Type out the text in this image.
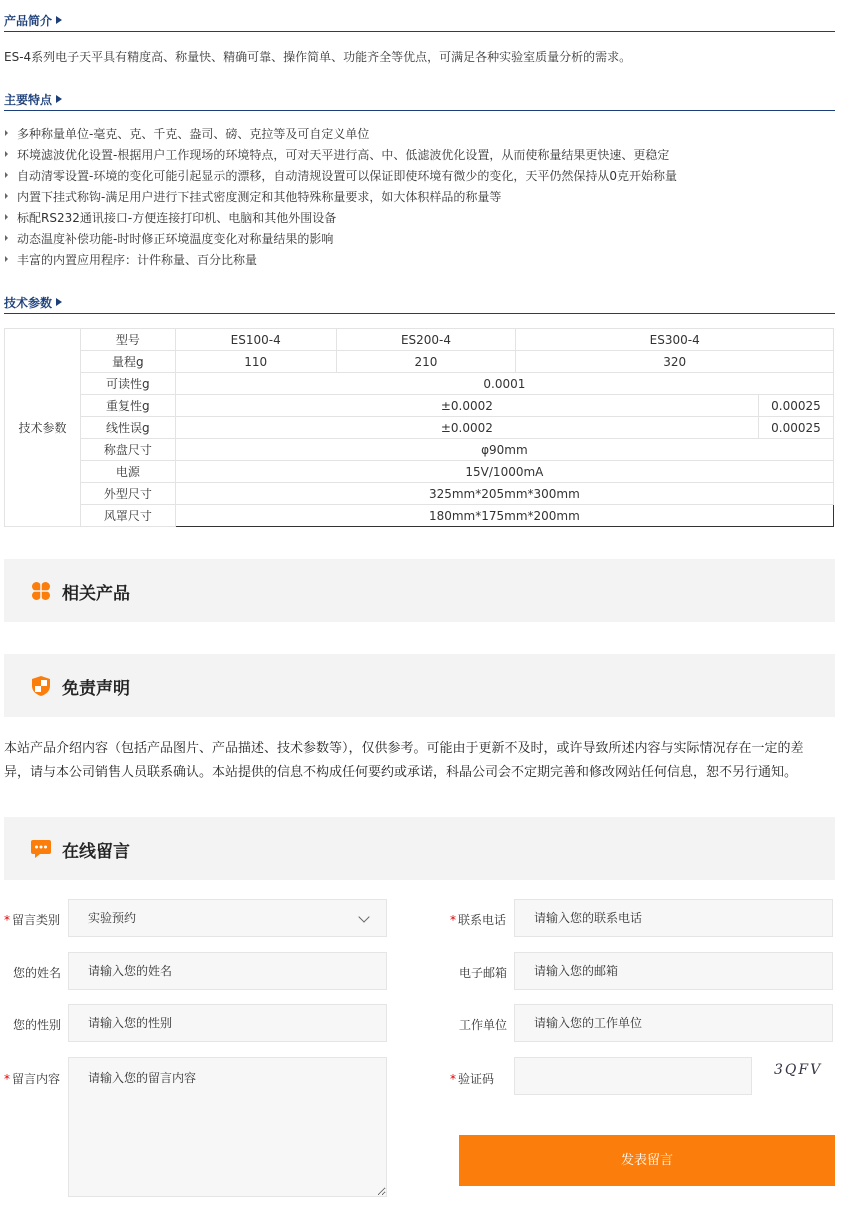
产品简介
ES-4系列电子天平具有精度高、称量快、精确可靠、操作简单、功能齐全等优点，可满足各种实验室质量分析的需求。
主要特点
多种称量单位-毫克、克、千克、盎司、磅、克拉等及可自定义单位
环境滤波优化设置-根据用户工作现场的环境特点，可对天平进行高、中、低滤波优化设置，从而使称量结果更快速、更稳定
自动清零设置-环境的变化可能引起显示的漂移，自动清规设置可以保证即使环境有微少的变化，天平仍然保持从0克开始称量
内置下挂式称钩-满足用户进行下挂式密度测定和其他特殊称量要求，如大体积样品的称量等
标配RS232通讯接口-方便连接打印机、电脑和其他外围设备
动态温度补偿功能-时时修正环境温度变化对称量结果的影响
丰富的内置应用程序：计件称量、百分比称量
技术参数
技术参数	型号	ES100-4	ES200-4	ES300-4	
	量程g	110	210	320	
	可读性g	0.0001			
	重复性g	±0.0002			0.00025
	线性误g	±0.0002			0.00025
	称盘尺寸	φ90mm			
	电源	15V/1000mA			
	外型尺寸	325mm*205mm*300mm			
	风罩尺寸	180mm*175mm*200mm			
相关产品
免责声明
本站产品介绍内容（包括产品图片、产品描述、技术参数等），仅供参考。可能由于更新不及时，或许导致所述内容与实际情况存在一定的差异，请与本公司销售人员联系确认。本站提供的信息不构成任何要约或承诺，科晶公司会不定期完善和修改网站任何信息，恕不另行通知。
在线留言
* 留言类别	实验预约	* 联系电话
请输入您的联系电话
您的姓名
请输入您的姓名	电子邮箱
请输入您的邮箱
您的性别
请输入您的性别	工作单位
请输入您的工作单位
* 留言内容
请输入您的留言内容	* 验证码
3QFV
发表留言
